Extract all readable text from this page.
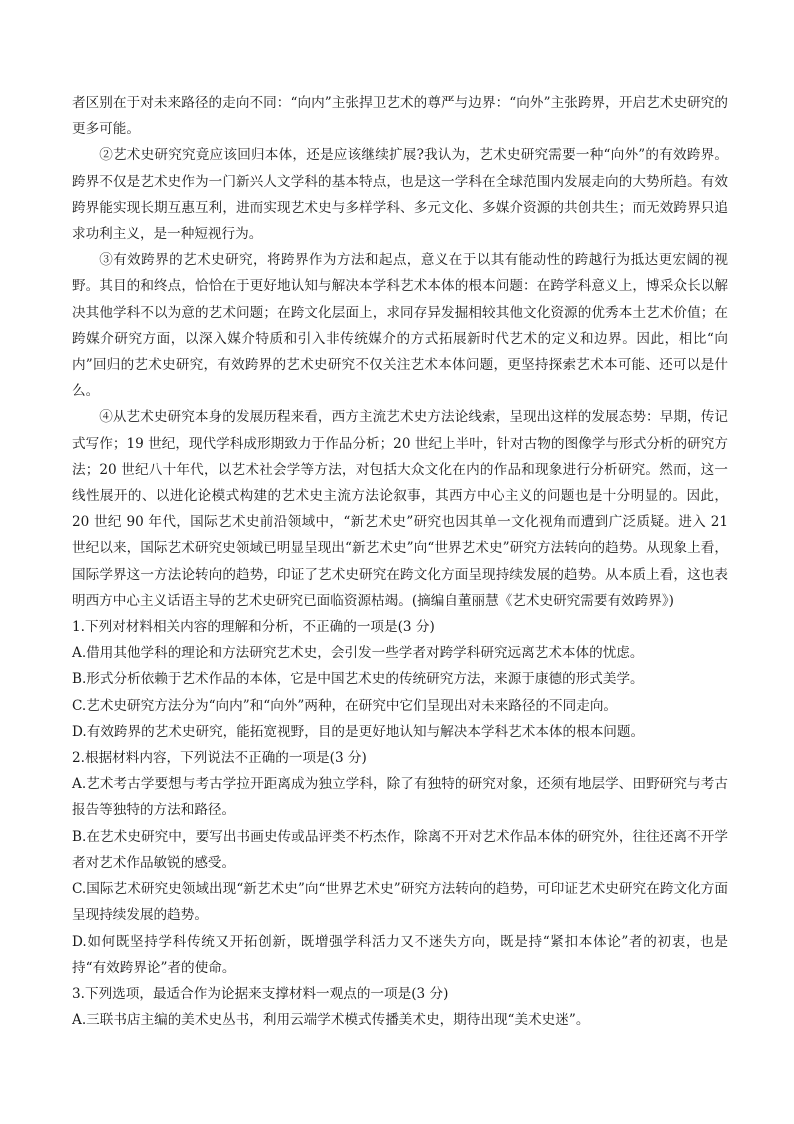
者区别在于对未来路径的走向不同：“向内”主张捍卫艺术的尊严与边界：“向外”主张跨界，开启艺术史研究的更多可能。

②艺术史研究究竟应该回归本体，还是应该继续扩展?我认为，艺术史研究需要一种“向外”的有效跨界。跨界不仅是艺术史作为一门新兴人文学科的基本特点，也是这一学科在全球范围内发展走向的大势所趋。有效跨界能实现长期互惠互利，进而实现艺术史与多样学科、多元文化、多媒介资源的共创共生；而无效跨界只追求功利主义，是一种短视行为。

③有效跨界的艺术史研究，将跨界作为方法和起点，意义在于以其有能动性的跨越行为抵达更宏阔的视野。其目的和终点，恰恰在于更好地认知与解决本学科艺术本体的根本问题：在跨学科意义上，博采众长以解决其他学科不以为意的艺术问题；在跨文化层面上，求同存异发掘相较其他文化资源的优秀本土艺术价值；在跨媒介研究方面，以深入媒介特质和引入非传统媒介的方式拓展新时代艺术的定义和边界。因此，相比“向内”回归的艺术史研究，有效跨界的艺术史研究不仅关注艺术本体问题，更坚持探索艺术本可能、还可以是什么。

④从艺术史研究本身的发展历程来看，西方主流艺术史方法论线索，呈现出这样的发展态势：早期，传记式写作；19 世纪，现代学科成形期致力于作品分析；20 世纪上半叶，针对古物的图像学与形式分析的研究方法；20 世纪八十年代，以艺术社会学等方法，对包括大众文化在内的作品和现象进行分析研究。然而，这一线性展开的、以进化论模式构建的艺术史主流方法论叙事，其西方中心主义的问题也是十分明显的。因此，20 世纪 90 年代，国际艺术史前沿领域中，“新艺术史”研究也因其单一文化视角而遭到广泛质疑。进入 21 世纪以来，国际艺术研究史领域已明显呈现出“新艺术史”向“世界艺术史”研究方法转向的趋势。从现象上看，国际学界这一方法论转向的趋势，印证了艺术史研究在跨文化方面呈现持续发展的趋势。从本质上看，这也表明西方中心主义话语主导的艺术史研究已面临资源枯竭。(摘编自董丽慧《艺术史研究需要有效跨界》)

1.下列对材料相关内容的理解和分析，不正确的一项是(3 分)

A.借用其他学科的理论和方法研究艺术史，会引发一些学者对跨学科研究远离艺术本体的忧虑。

B.形式分析依赖于艺术作品的本体，它是中国艺术史的传统研究方法，来源于康德的形式美学。

C.艺术史研究方法分为“向内”和“向外”两种，在研究中它们呈现出对未来路径的不同走向。

D.有效跨界的艺术史研究，能拓宽视野，目的是更好地认知与解决本学科艺术本体的根本问题。

2.根据材料内容，下列说法不正确的一项是(3 分)

A.艺术考古学要想与考古学拉开距离成为独立学科，除了有独特的研究对象，还须有地层学、田野研究与考古报告等独特的方法和路径。

B.在艺术史研究中，要写出书画史传或品评类不朽杰作，除离不开对艺术作品本体的研究外，往往还离不开学者对艺术作品敏锐的感受。

C.国际艺术研究史领域出现“新艺术史”向“世界艺术史”研究方法转向的趋势，可印证艺术史研究在跨文化方面呈现持续发展的趋势。

D.如何既坚持学科传统又开拓创新，既增强学科活力又不迷失方向，既是持“紧扣本体论”者的初衷，也是持“有效跨界论”者的使命。

3.下列选项，最适合作为论据来支撑材料一观点的一项是(3 分)

A.三联书店主编的美术史丛书，利用云端学术模式传播美术史，期待出现“美术史迷”。
